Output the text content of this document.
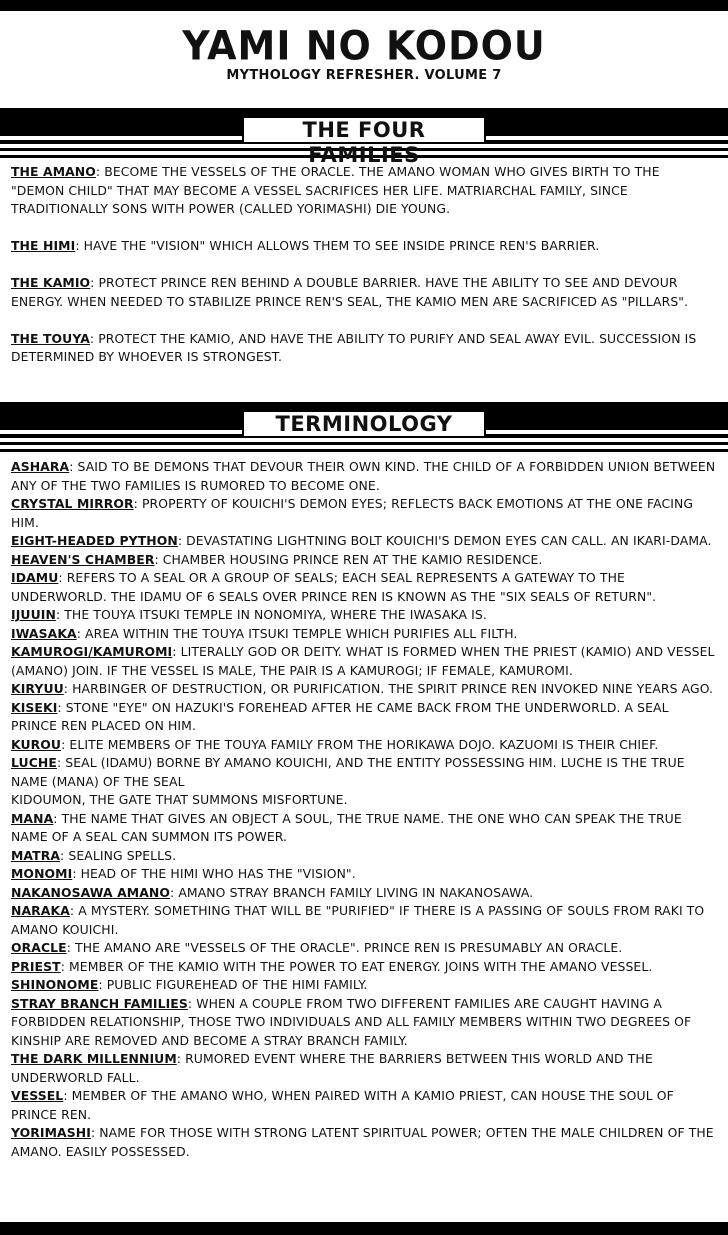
YAMI NO KODOU
MYTHOLOGY REFRESHER. VOLUME 7
THE FOUR FAMILIES

THE AMANO: BECOME THE VESSELS OF THE ORACLE. THE AMANO WOMAN WHO GIVES BIRTH TO THE "DEMON CHILD" THAT MAY BECOME A VESSEL SACRIFICES HER LIFE. MATRIARCHAL FAMILY, SINCE TRADITIONALLY SONS WITH POWER (CALLED YORIMASHI) DIE YOUNG.

THE HIMI: HAVE THE "VISION" WHICH ALLOWS THEM TO SEE INSIDE PRINCE REN'S BARRIER.

THE KAMIO: PROTECT PRINCE REN BEHIND A DOUBLE BARRIER. HAVE THE ABILITY TO SEE AND DEVOUR ENERGY. WHEN NEEDED TO STABILIZE PRINCE REN'S SEAL, THE KAMIO MEN ARE SACRIFICED AS "PILLARS".

THE TOUYA: PROTECT THE KAMIO, AND HAVE THE ABILITY TO PURIFY AND SEAL AWAY EVIL. SUCCESSION IS DETERMINED BY WHOEVER IS STRONGEST.

TERMINOLOGY

ASHARA: SAID TO BE DEMONS THAT DEVOUR THEIR OWN KIND. THE CHILD OF A FORBIDDEN UNION BETWEEN ANY OF THE TWO FAMILIES IS RUMORED TO BECOME ONE.

CRYSTAL MIRROR: PROPERTY OF KOUICHI'S DEMON EYES; REFLECTS BACK EMOTIONS AT THE ONE FACING HIM.

EIGHT-HEADED PYTHON: DEVASTATING LIGHTNING BOLT KOUICHI'S DEMON EYES CAN CALL. AN IKARI-DAMA.

HEAVEN'S CHAMBER: CHAMBER HOUSING PRINCE REN AT THE KAMIO RESIDENCE.

IDAMU: REFERS TO A SEAL OR A GROUP OF SEALS; EACH SEAL REPRESENTS A GATEWAY TO THE UNDERWORLD. THE IDAMU OF 6 SEALS OVER PRINCE REN IS KNOWN AS THE "SIX SEALS OF RETURN".

IJUUIN: THE TOUYA ITSUKI TEMPLE IN NONOMIYA, WHERE THE IWASAKA IS.

IWASAKA: AREA WITHIN THE TOUYA ITSUKI TEMPLE WHICH PURIFIES ALL FILTH.

KAMUROGI/KAMUROMI: LITERALLY GOD OR DEITY. WHAT IS FORMED WHEN THE PRIEST (KAMIO) AND VESSEL (AMANO) JOIN. IF THE VESSEL IS MALE, THE PAIR IS A KAMUROGI; IF FEMALE, KAMUROMI.

KIRYUU: HARBINGER OF DESTRUCTION, OR PURIFICATION. THE SPIRIT PRINCE REN INVOKED NINE YEARS AGO.

KISEKI: STONE "EYE" ON HAZUKI'S FOREHEAD AFTER HE CAME BACK FROM THE UNDERWORLD. A SEAL PRINCE REN PLACED ON HIM.

KUROU: ELITE MEMBERS OF THE TOUYA FAMILY FROM THE HORIKAWA DOJO. KAZUOMI IS THEIR CHIEF.

LUCHE: SEAL (IDAMU) BORNE BY AMANO KOUICHI, AND THE ENTITY POSSESSING HIM. LUCHE IS THE TRUE NAME (MANA) OF THE SEAL

KIDOUMON, THE GATE THAT SUMMONS MISFORTUNE.

MANA: THE NAME THAT GIVES AN OBJECT A SOUL, THE TRUE NAME. THE ONE WHO CAN SPEAK THE TRUE NAME OF A SEAL CAN SUMMON ITS POWER.

MATRA: SEALING SPELLS.

MONOMI: HEAD OF THE HIMI WHO HAS THE "VISION".

NAKANOSAWA AMANO: AMANO STRAY BRANCH FAMILY LIVING IN NAKANOSAWA.

NARAKA: A MYSTERY. SOMETHING THAT WILL BE "PURIFIED" IF THERE IS A PASSING OF SOULS FROM RAKI TO AMANO KOUICHI.

ORACLE: THE AMANO ARE "VESSELS OF THE ORACLE". PRINCE REN IS PRESUMABLY AN ORACLE.

PRIEST: MEMBER OF THE KAMIO WITH THE POWER TO EAT ENERGY. JOINS WITH THE AMANO VESSEL.

SHINONOME: PUBLIC FIGUREHEAD OF THE HIMI FAMILY.

STRAY BRANCH FAMILIES: WHEN A COUPLE FROM TWO DIFFERENT FAMILIES ARE CAUGHT HAVING A FORBIDDEN RELATIONSHIP, THOSE TWO INDIVIDUALS AND ALL FAMILY MEMBERS WITHIN TWO DEGREES OF KINSHIP ARE REMOVED AND BECOME A STRAY BRANCH FAMILY.

THE DARK MILLENNIUM: RUMORED EVENT WHERE THE BARRIERS BETWEEN THIS WORLD AND THE UNDERWORLD FALL.

VESSEL: MEMBER OF THE AMANO WHO, WHEN PAIRED WITH A KAMIO PRIEST, CAN HOUSE THE SOUL OF PRINCE REN.

YORIMASHI: NAME FOR THOSE WITH STRONG LATENT SPIRITUAL POWER; OFTEN THE MALE CHILDREN OF THE AMANO. EASILY POSSESSED.
